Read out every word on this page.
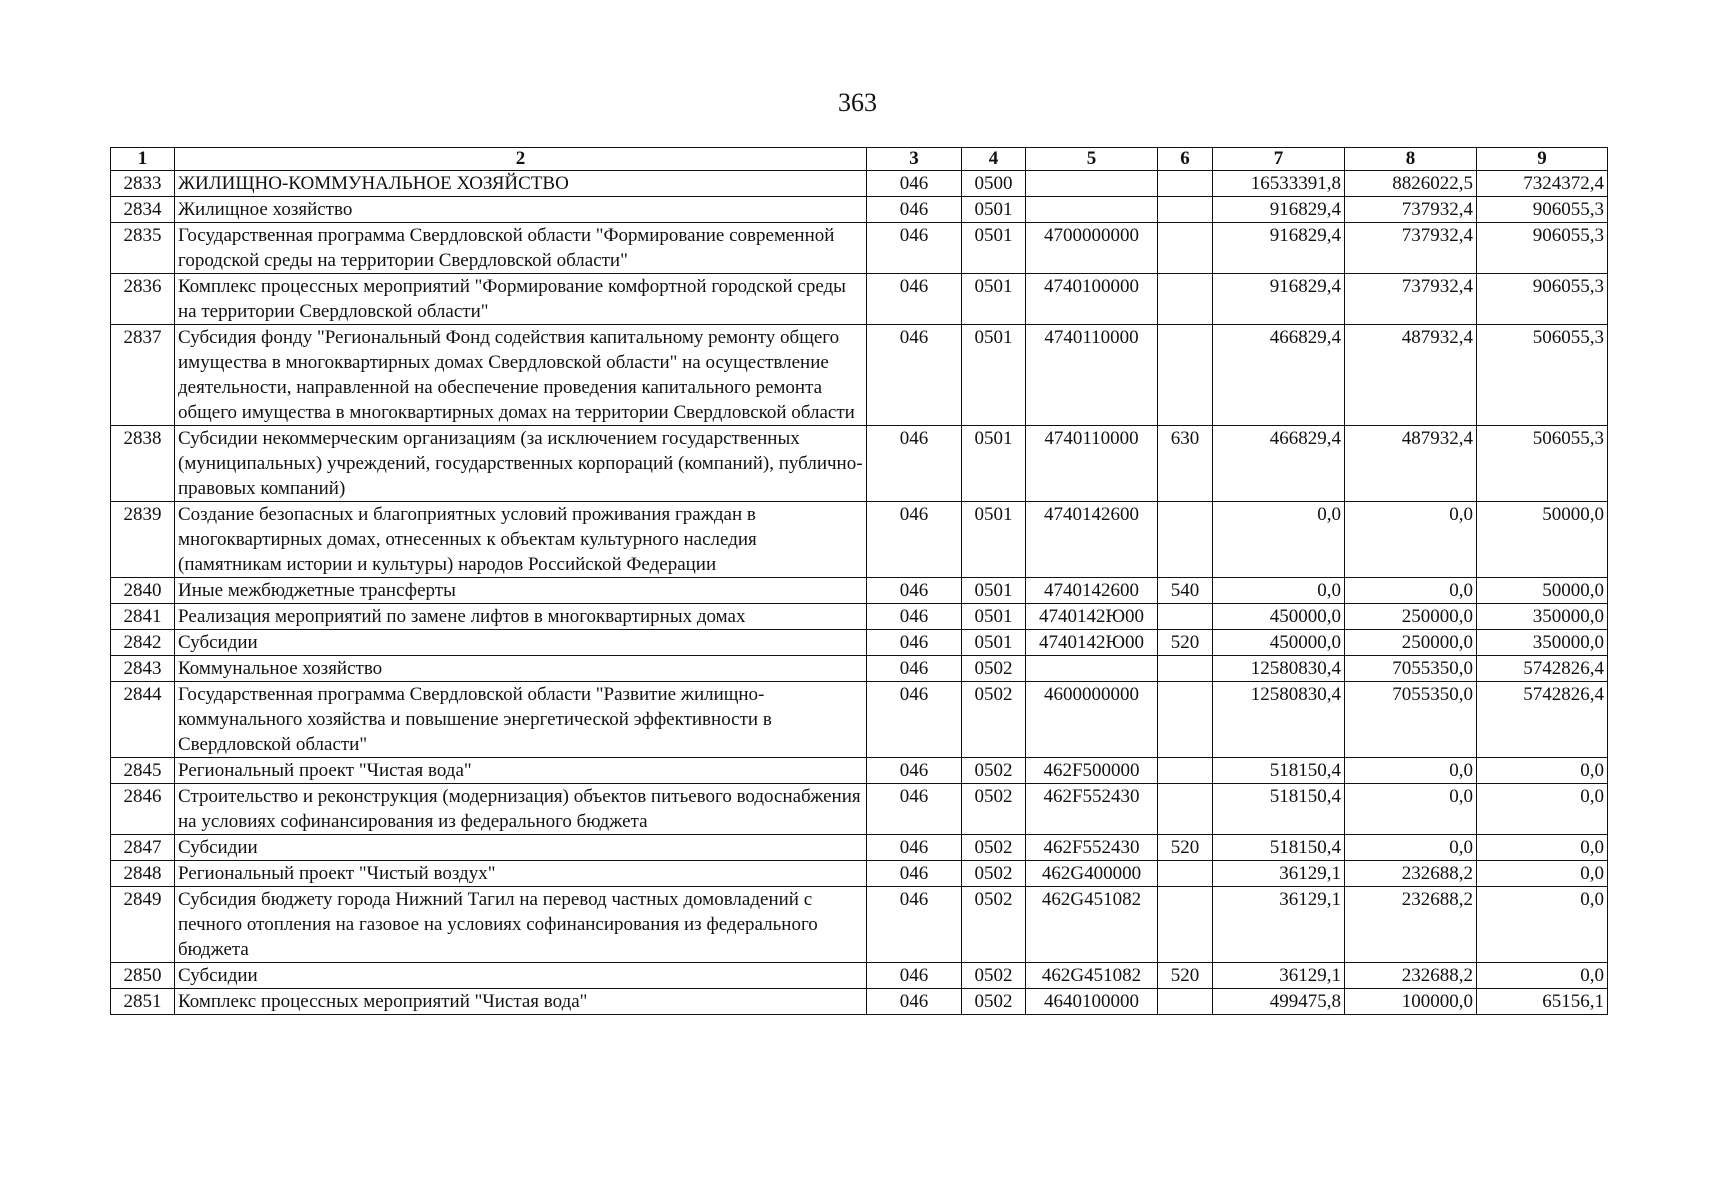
363
1	2	3	4	5	6	7	8	9
2833	ЖИЛИЩНО-КОММУНАЛЬНОЕ ХОЗЯЙСТВО	046	0500			16533391,8	8826022,5	7324372,4
2834	Жилищное хозяйство	046	0501			916829,4	737932,4	906055,3
2835	Государственная программа Свердловской области "Формирование современной городской среды на территории Свердловской области"	046	0501	4700000000		916829,4	737932,4	906055,3
2836	Комплекс процессных мероприятий "Формирование комфортной городской среды на территории Свердловской области"	046	0501	4740100000		916829,4	737932,4	906055,3
2837	Субсидия фонду "Региональный Фонд содействия капитальному ремонту общего имущества в многоквартирных домах Свердловской области" на осуществление деятельности, направленной на обеспечение проведения капитального ремонта общего имущества в многоквартирных домах на территории Свердловской области	046	0501	4740110000		466829,4	487932,4	506055,3
2838	Субсидии некоммерческим организациям (за исключением государственных (муниципальных) учреждений, государственных корпораций (компаний), публично-правовых компаний)	046	0501	4740110000	630	466829,4	487932,4	506055,3
2839	Создание безопасных и благоприятных условий проживания граждан в многоквартирных домах, отнесенных к объектам культурного наследия (памятникам истории и культуры) народов Российской Федерации	046	0501	4740142600		0,0	0,0	50000,0
2840	Иные межбюджетные трансферты	046	0501	4740142600	540	0,0	0,0	50000,0
2841	Реализация мероприятий по замене лифтов в многоквартирных домах	046	0501	4740142Ю00		450000,0	250000,0	350000,0
2842	Субсидии	046	0501	4740142Ю00	520	450000,0	250000,0	350000,0
2843	Коммунальное хозяйство	046	0502			12580830,4	7055350,0	5742826,4
2844	Государственная программа Свердловской области "Развитие жилищно-коммунального хозяйства и повышение энергетической эффективности в Свердловской области"	046	0502	4600000000		12580830,4	7055350,0	5742826,4
2845	Региональный проект "Чистая вода"	046	0502	462F500000		518150,4	0,0	0,0
2846	Строительство и реконструкция (модернизация) объектов питьевого водоснабжения на условиях софинансирования из федерального бюджета	046	0502	462F552430		518150,4	0,0	0,0
2847	Субсидии	046	0502	462F552430	520	518150,4	0,0	0,0
2848	Региональный проект "Чистый воздух"	046	0502	462G400000		36129,1	232688,2	0,0
2849	Субсидия бюджету города Нижний Тагил на перевод частных домовладений с печного отопления на газовое на условиях софинансирования из федерального бюджета	046	0502	462G451082		36129,1	232688,2	0,0
2850	Субсидии	046	0502	462G451082	520	36129,1	232688,2	0,0
2851	Комплекс процессных мероприятий "Чистая вода"	046	0502	4640100000		499475,8	100000,0	65156,1
